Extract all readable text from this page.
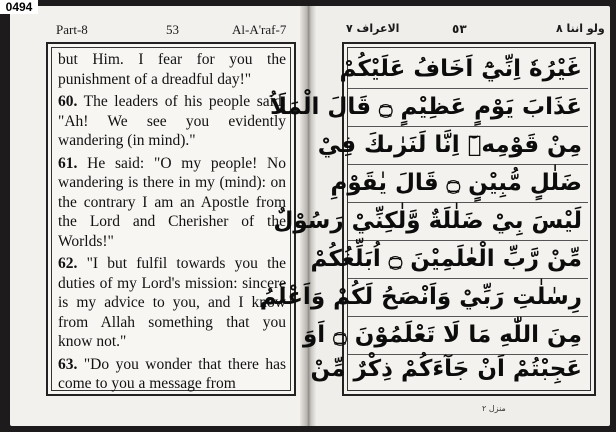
0494
Part-8	53	Al-A'raf-7

but Him. I fear for you the punishment of a dreadful day!"

60. The leaders of his people said: "Ah! We see you evidently wandering (in mind)."

61. He said: "O my people! No wandering is there in my (mind): on the contrary I am an Apostle from the Lord and Cherisher of the Worlds!"

62. "I but fulfil towards you the duties of my Lord's mission: sincere is my advice to you, and I know from Allah something that you know not."

63. "Do you wonder that there has come to you a message from

ولو اننا ٨
٥٣
الاعراف ٧
غَيْرُهٗ اِنِّيْٓ اَخَافُ عَلَيْكُمْ
عَذَابَ يَوْمٍ عَظِيْمٍ ۝ قَالَ الْمَلَاُ
مِنْ قَوْمِهٖٓ اِنَّا لَنَرٰىكَ فِيْ
ضَلٰلٍ مُّبِيْنٍ ۝ قَالَ يٰقَوْمِ
لَيْسَ بِيْ ضَلٰلَةٌ وَّلٰكِنِّيْ رَسُوْلٌ
مِّنْ رَّبِّ الْعٰلَمِيْنَ ۝ اُبَلِّغُكُمْ
رِسٰلٰتِ رَبِّيْ وَاَنْصَحُ لَكُمْ وَاَعْلَمُ
مِنَ اللّٰهِ مَا لَا تَعْلَمُوْنَ ۝ اَوَ
عَجِبْتُمْ اَنْ جَآءَكُمْ ذِكْرٌ مِّنْ
منزل ٢
